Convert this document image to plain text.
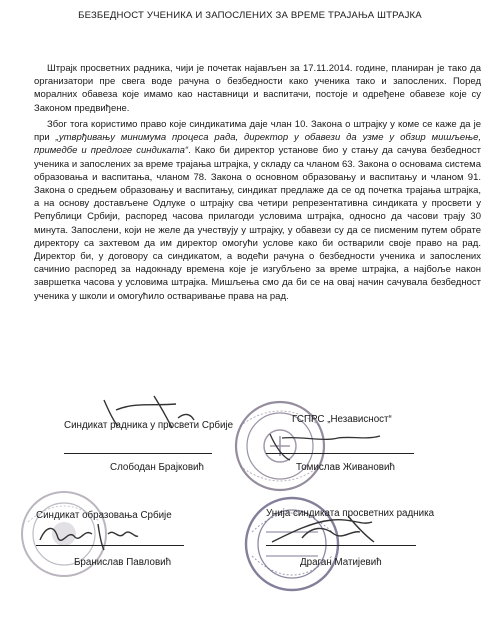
БЕЗБЕДНОСТ УЧЕНИКА И ЗАПОСЛЕНИХ ЗА ВРЕМЕ ТРАЈАЊА ШТРАЈКА

Штрајк просветних радника, чији је почетак најављен за 17.11.2014. године, планиран је тако да организатори пре свега воде рачуна о безбедности како ученика тако и запослених. Поред моралних обавеза које имамо као наставници и васпитачи, постоје и одређене обавезе које су Законом предвиђене.

Због тога користимо право које синдикатима даје члан 10. Закона о штрајку у коме се каже да је при „утврђивању минимума процеса рада, директор у обавези да узме у обзир мишљење, примедбе и предлоге синдиката“. Како би директор установе био у стању да сачува безбедност ученика и запослених за време трајања штрајка, у складу са чланом 63. Закона о основама система образовања и васпитања, чланом 78. Закона о основном образовању и васпитању и чланом 91. Закона о средњем образовању и васпитању, синдикат предлаже да се од почетка трајања штрајка, а на основу достављене Одлуке о штрајку сва четири репрезентативна синдиката у просвети у Републици Србији, распоред часова прилагоди условима штрајка, односно да часови трају 30 минута. Запослени, који не желе да учествују у штрајку, у обавези су да се писменим путем обрате директору са захтевом да им директор омогући услове како би остварили своје право на рад. Директор би, у договору са синдикатом, а водећи рачуна о безбедности ученика и запослених сачинио распоред за надокнаду времена које је изгубљено за време штрајка, а најбоље након завршетка часова у условима штрајка. Мишљења смо да би се на овај начин сачувала безбедност ученика у школи и омогућило остваривање права на рад.

Синдикат радника у просвети Србије
Слободан Брајковић
ГСПРС „Независност“
Томислав Живановић
Синдикат образовања Србије
Бранислав Павловић
Унија синдиката просветних радника
Драган Матијевић
